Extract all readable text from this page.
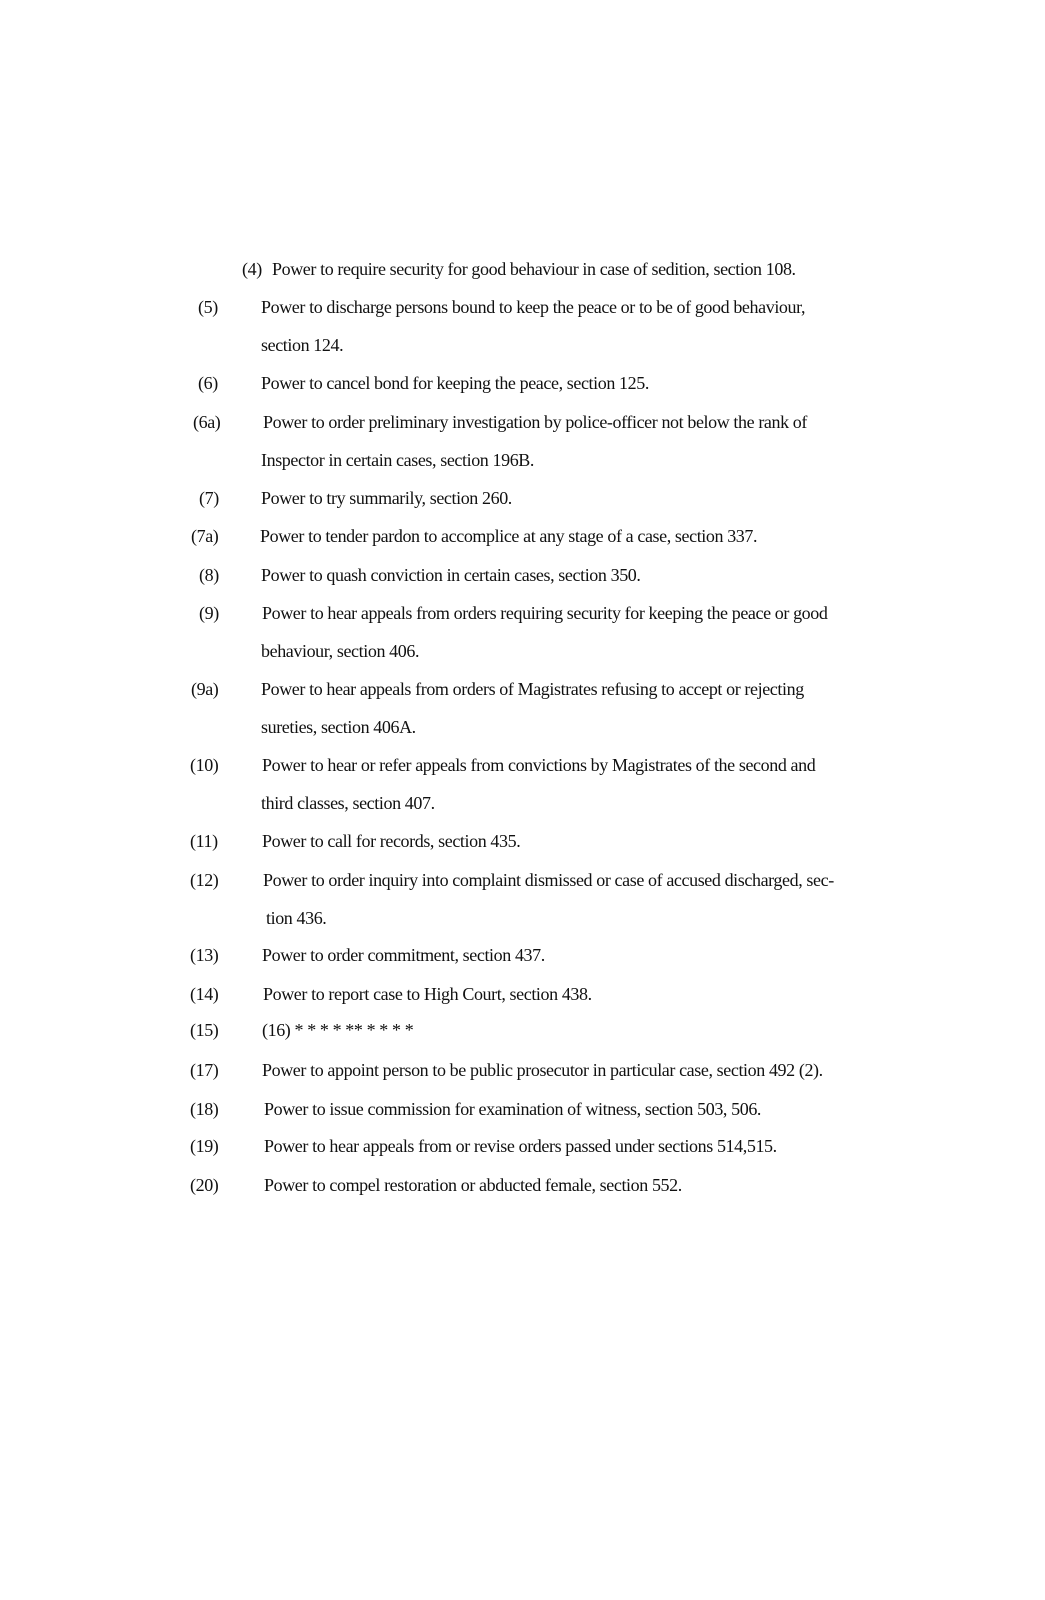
(4) Power to require security for good behaviour in case of sedition, section 108.
(5) Power to discharge persons bound to keep the peace or to be of good behaviour,
section 124.
(6) Power to cancel bond for keeping the peace, section 125.
(6a) Power to order preliminary investigation by police-officer not below the rank of
Inspector in certain cases, section 196B.
(7) Power to try summarily, section 260.
(7a) Power to tender pardon to accomplice at any stage of a case, section 337.
(8) Power to quash conviction in certain cases, section 350.
(9) Power to hear appeals from orders requiring security for keeping the peace or good
behaviour, section 406.
(9a) Power to hear appeals from orders of Magistrates refusing to accept or rejecting
sureties, section 406A.
(10) Power to hear or refer appeals from convictions by Magistrates of the second and
third classes, section 407.
(11) Power to call for records, section 435.
(12) Power to order inquiry into complaint dismissed or case of accused discharged, sec-
tion 436.
(13) Power to order commitment, section 437.
(14) Power to report case to High Court, section 438.
(15) (16) * * * * ** * * * *
(17) Power to appoint person to be public prosecutor in particular case, section 492 (2).
(18)	Power to issue commission for examination of witness, section 503, 506.
(19)	Power to hear appeals from or revise orders passed under sections 514,515.
(20)	Power to compel restoration or abducted female, section 552.
